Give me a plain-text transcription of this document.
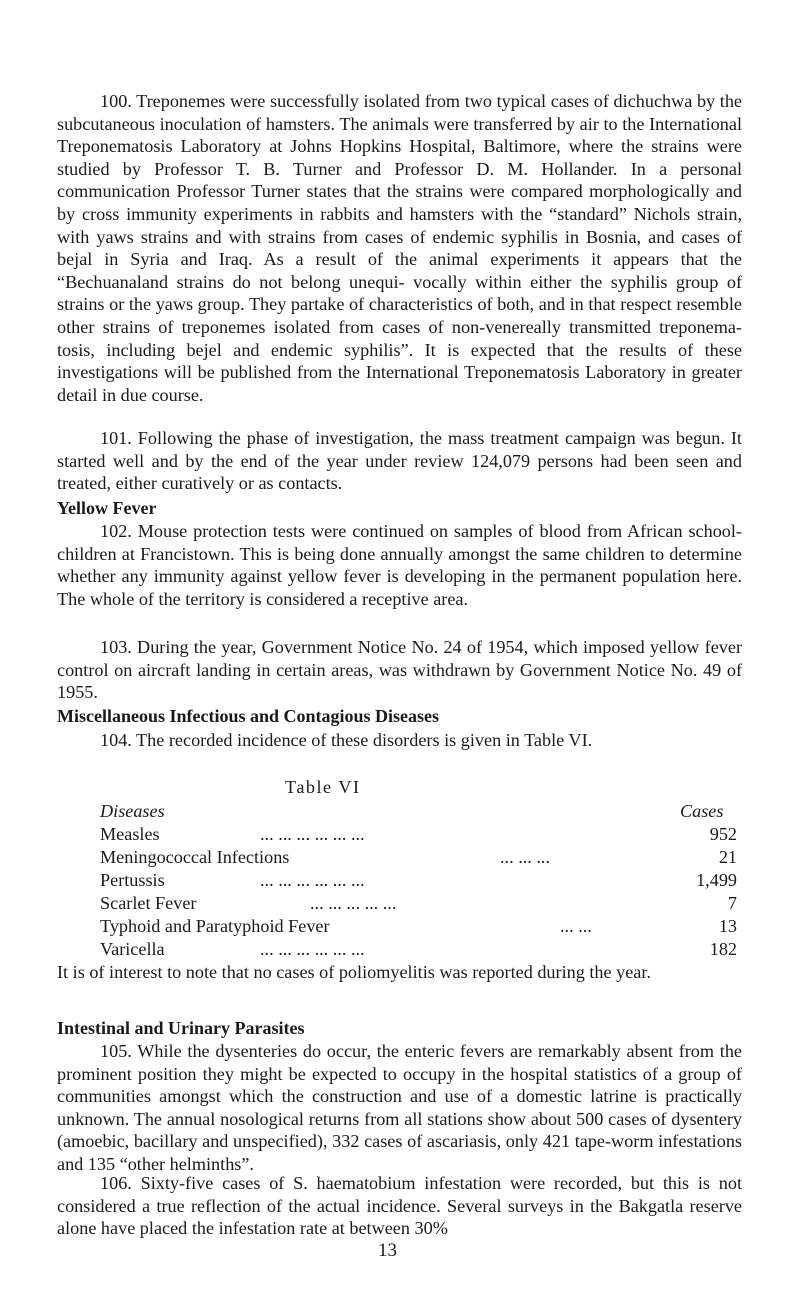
100. Treponemes were successfully isolated from two typical cases of dichuchwa by the subcutaneous inoculation of hamsters. The animals were transferred by air to the International Treponematosis Laboratory at Johns Hopkins Hospital, Baltimore, where the strains were studied by Professor T. B. Turner and Professor D. M. Hollander. In a personal communication Professor Turner states that the strains were compared morphologically and by cross immunity experiments in rabbits and hamsters with the “standard” Nichols strain, with yaws strains and with strains from cases of endemic syphilis in Bosnia, and cases of bejal in Syria and Iraq. As a result of the animal experiments it appears that the “Bechuanaland strains do not belong unequi- vocally within either the syphilis group of strains or the yaws group. They partake of characteristics of both, and in that respect resemble other strains of treponemes isolated from cases of non-venereally transmitted treponema- tosis, including bejel and endemic syphilis”. It is expected that the results of these investigations will be published from the International Treponematosis Laboratory in greater detail in due course.

101. Following the phase of investigation, the mass treatment campaign was begun. It started well and by the end of the year under review 124,079 persons had been seen and treated, either curatively or as contacts.

Yellow Fever

102. Mouse protection tests were continued on samples of blood from African school-children at Francistown. This is being done annually amongst the same children to determine whether any immunity against yellow fever is developing in the permanent population here. The whole of the territory is considered a receptive area.

103. During the year, Government Notice No. 24 of 1954, which imposed yellow fever control on aircraft landing in certain areas, was withdrawn by Government Notice No. 49 of 1955.

Miscellaneous Infectious and Contagious Diseases

104. The recorded incidence of these disorders is given in Table VI.

Table VI

Diseases	Cases

Measles	... ... ... ... ... ...	952
Meningococcal Infections	... ... ...	21
Pertussis	... ... ... ... ... ...	1,499
Scarlet Fever	... ... ... ... ...	7
Typhoid and Paratyphoid Fever	... ...	13
Varicella	... ... ... ... ... ...	182

It is of interest to note that no cases of poliomyelitis was reported during the year.

Intestinal and Urinary Parasites

105. While the dysenteries do occur, the enteric fevers are remarkably absent from the prominent position they might be expected to occupy in the hospital statistics of a group of communities amongst which the construction and use of a domestic latrine is practically unknown. The annual nosological returns from all stations show about 500 cases of dysentery (amoebic, bacillary and unspecified), 332 cases of ascariasis, only 421 tape-worm infestations and 135 “other helminths”.

106. Sixty-five cases of S. haematobium infestation were recorded, but this is not considered a true reflection of the actual incidence. Several surveys in the Bakgatla reserve alone have placed the infestation rate at between 30%

13
